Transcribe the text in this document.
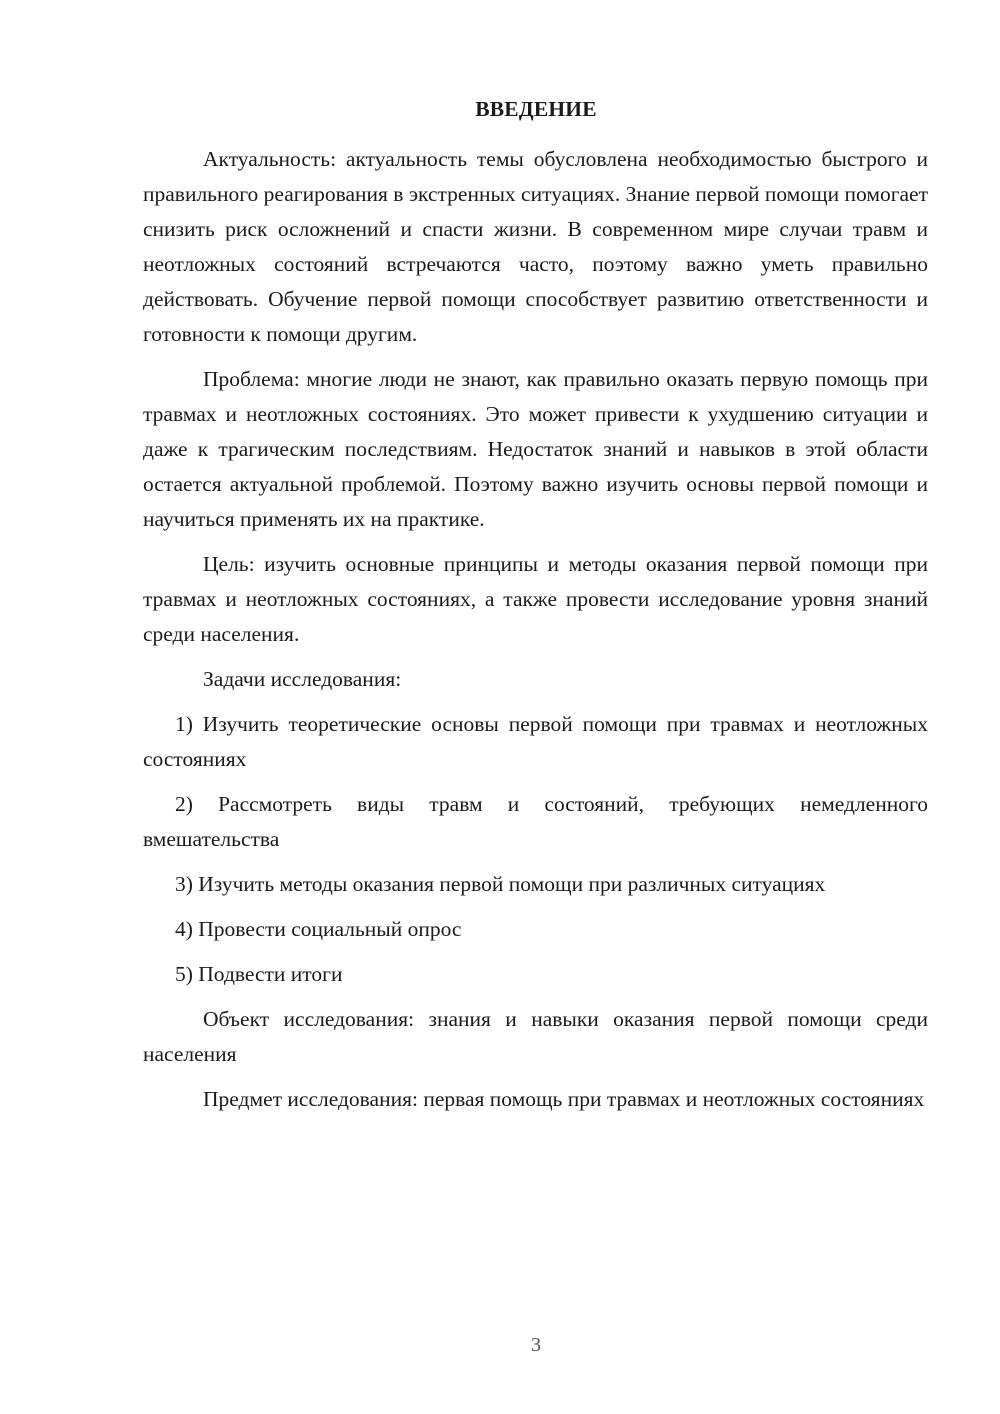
ВВЕДЕНИЕ

Актуальность: актуальность темы обусловлена необходимостью быстрого и правильного реагирования в экстренных ситуациях. Знание первой помощи помогает снизить риск осложнений и спасти жизни. В современном мире случаи травм и неотложных состояний встречаются часто, поэтому важно уметь правильно действовать. Обучение первой помощи способствует развитию ответственности и готовности к помощи другим.

Проблема: многие люди не знают, как правильно оказать первую помощь при травмах и неотложных состояниях. Это может привести к ухудшению ситуации и даже к трагическим последствиям. Недостаток знаний и навыков в этой области остается актуальной проблемой. Поэтому важно изучить основы первой помощи и научиться применять их на практике.

Цель: изучить основные принципы и методы оказания первой помощи при травмах и неотложных состояниях, а также провести исследование уровня знаний среди населения.

Задачи исследования:

1) Изучить теоретические основы первой помощи при травмах и неотложных состояниях

2) Рассмотреть виды травм и состояний, требующих немедленного вмешательства

3) Изучить методы оказания первой помощи при различных ситуациях

4) Провести социальный опрос

5) Подвести итоги

Объект исследования: знания и навыки оказания первой помощи среди населения

Предмет исследования: первая помощь при травмах и неотложных состояниях

3
